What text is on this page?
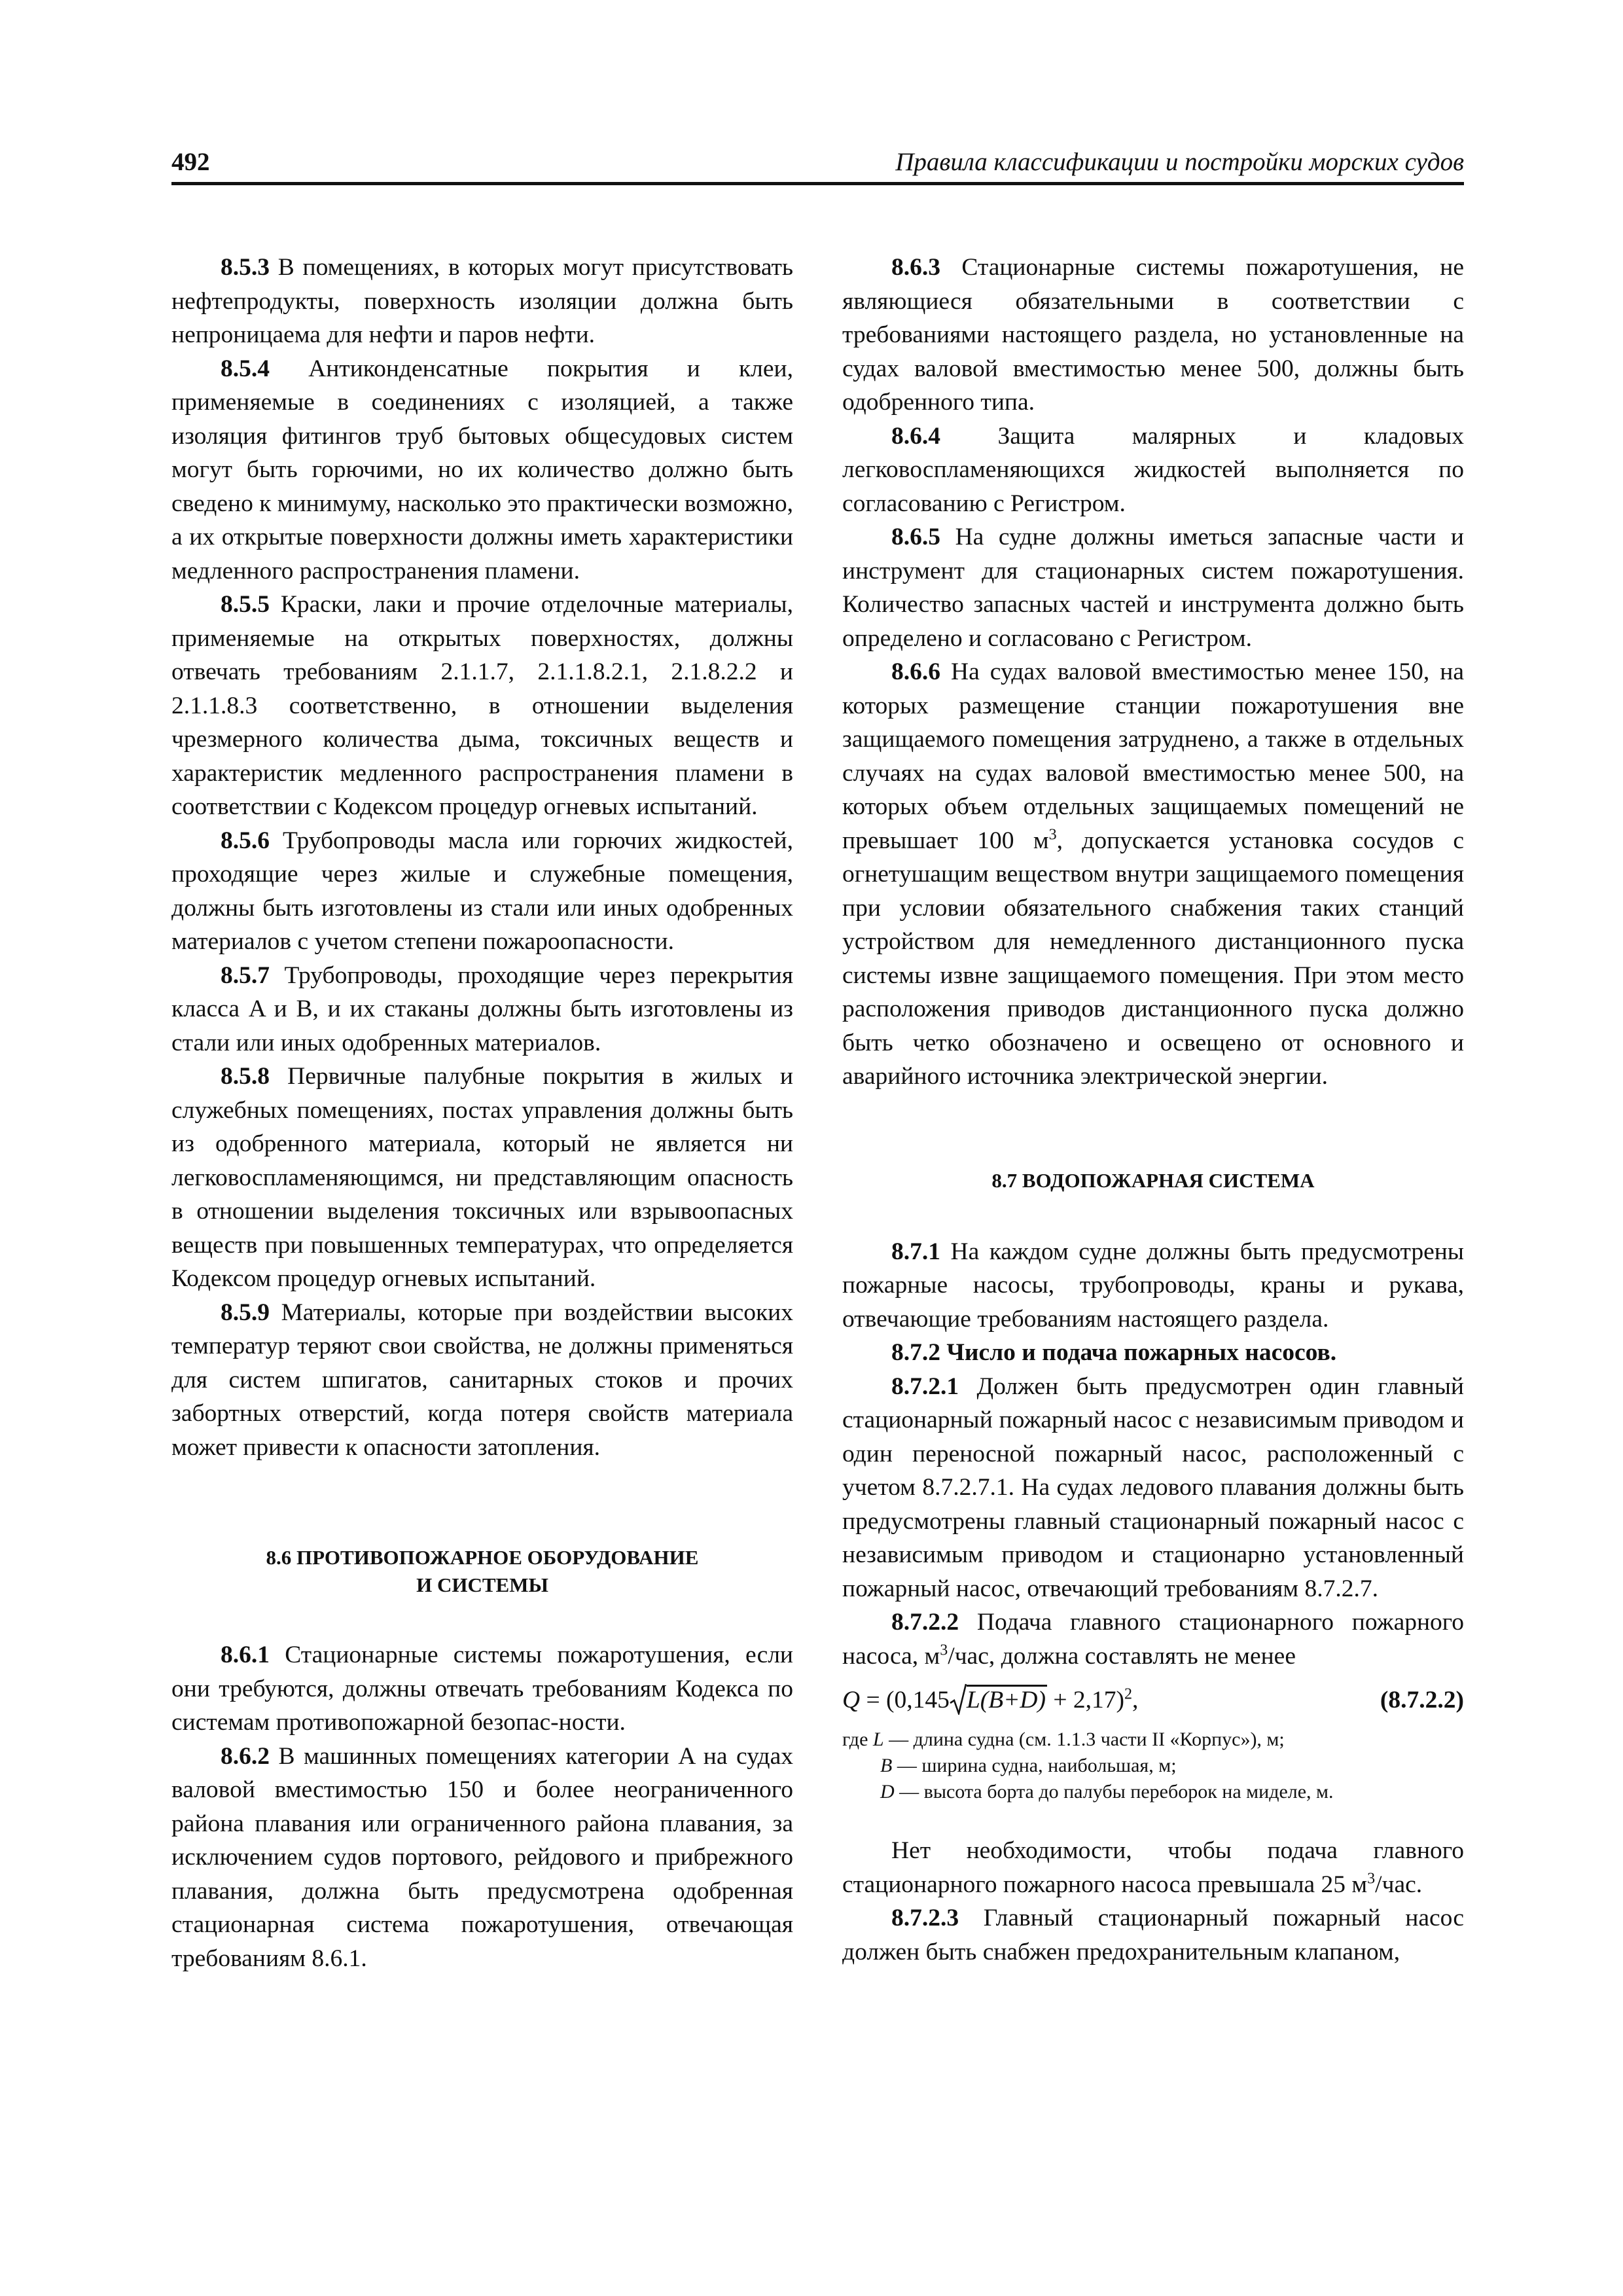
492	Правила классификации и постройки морских судов

8.5.3 В помещениях, в которых могут присутствовать нефтепродукты, поверхность изоляции должна быть непроницаема для нефти и паров нефти.

8.5.4 Антиконденсатные покрытия и клеи, применяемые в соединениях с изоляцией, а также изоляция фитингов труб бытовых общесудовых систем могут быть горючими, но их количество должно быть сведено к минимуму, насколько это практически возможно, а их открытые поверхности должны иметь характеристики медленного распространения пламени.

8.5.5 Краски, лаки и прочие отделочные материалы, применяемые на открытых поверхностях, должны отвечать требованиям 2.1.1.7, 2.1.1.8.2.1, 2.1.8.2.2 и 2.1.1.8.3 соответственно, в отношении выделения чрезмерного количества дыма, токсичных веществ и характеристик медленного распространения пламени в соответствии с Кодексом процедур огневых испытаний.

8.5.6 Трубопроводы масла или горючих жидкостей, проходящие через жилые и служебные помещения, должны быть изготовлены из стали или иных одобренных материалов с учетом степени пожароопасности.

8.5.7 Трубопроводы, проходящие через перекрытия класса A и B, и их стаканы должны быть изготовлены из стали или иных одобренных материалов.

8.5.8 Первичные палубные покрытия в жилых и служебных помещениях, постах управления должны быть из одобренного материала, который не является ни легковоспламеняющимся, ни представляющим опасность в отношении выделения токсичных или взрывоопасных веществ при повышенных температурах, что определяется Кодексом процедур огневых испытаний.

8.5.9 Материалы, которые при воздействии высоких температур теряют свои свойства, не должны применяться для систем шпигатов, санитарных стоков и прочих забортных отверстий, когда потеря свойств материала может привести к опасности затопления.

8.6 ПРОТИВОПОЖАРНОЕ ОБОРУДОВАНИЕ

И СИСТЕМЫ

8.6.1 Стационарные системы пожаротушения, если они требуются, должны отвечать требованиям Кодекса по системам противопожарной безопас-ности.

8.6.2 В машинных помещениях категории A на судах валовой вместимостью 150 и более неограниченного района плавания или ограниченного района плавания, за исключением судов портового, рейдового и прибрежного плавания, должна быть предусмотрена одобренная стационарная система пожаротушения, отвечающая требованиям 8.6.1.

8.6.3 Стационарные системы пожаротушения, не являющиеся обязательными в соответствии с требованиями настоящего раздела, но установленные на судах валовой вместимостью менее 500, должны быть одобренного типа.

8.6.4 Защита малярных и кладовых легковоспламеняющихся жидкостей выполняется по согласованию с Регистром.

8.6.5 На судне должны иметься запасные части и инструмент для стационарных систем пожаротушения. Количество запасных частей и инструмента должно быть определено и согласовано с Регистром.

8.6.6 На судах валовой вместимостью менее 150, на которых размещение станции пожаротушения вне защищаемого помещения затруднено, а также в отдельных случаях на судах валовой вместимостью менее 500, на которых объем отдельных защищаемых помещений не превышает 100 $м^3$, допускается установка сосудов с огнетушащим веществом внутри защищаемого помещения при условии обязательного снабжения таких станций устройством для немедленного дистанционного пуска системы извне защищаемого помещения. При этом место расположения приводов дистанционного пуска должно быть четко обозначено и освещено от основного и аварийного источника электрической энергии.

8.7 ВОДОПОЖАРНАЯ СИСТЕМА

8.7.1 На каждом судне должны быть предусмотрены пожарные насосы, трубопроводы, краны и рукава, отвечающие требованиям настоящего раздела.

8.7.2 Число и подача пожарных насосов.

8.7.2.1 Должен быть предусмотрен один главный стационарный пожарный насос с независимым приводом и один переносной пожарный насос, расположенный с учетом 8.7.2.7.1. На судах ледового плавания должны быть предусмотрены главный стационарный пожарный насос с независимым приводом и стационарно установленный пожарный насос, отвечающий требованиям 8.7.2.7.

8.7.2.2 Подача главного стационарного пожарного насоса, $м^3$/час, должна составлять не менее

Q = (0,145 L(B+D) + 2,17)$^2$,	(8.7.2.2)
где L — длина судна (см. 1.1.3 части II «Корпус»), м;
B — ширина судна, наибольшая, м;
D — высота борта до палубы переборок на миделе, м.

Нет необходимости, чтобы подача главного стационарного пожарного насоса превышала 25 $м^3$/час.

8.7.2.3 Главный стационарный пожарный насос должен быть снабжен предохранительным клапаном,
